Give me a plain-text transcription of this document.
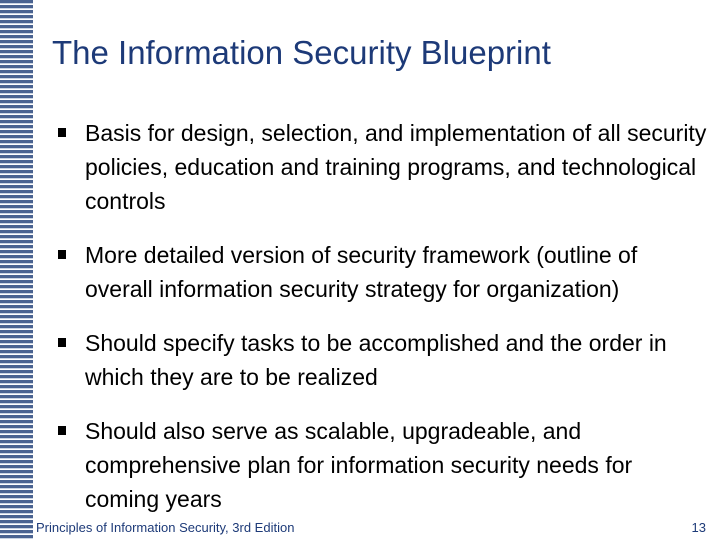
The Information Security Blueprint
Basis for design, selection, and implementation of all security policies, education and training programs, and technological controls
More detailed version of security framework (outline of overall information security strategy for organization)
Should specify tasks to be accomplished and the order in which they are to be realized
Should also serve as scalable, upgradeable, and comprehensive plan for information security needs for coming years
Principles of Information Security, 3rd Edition	13
